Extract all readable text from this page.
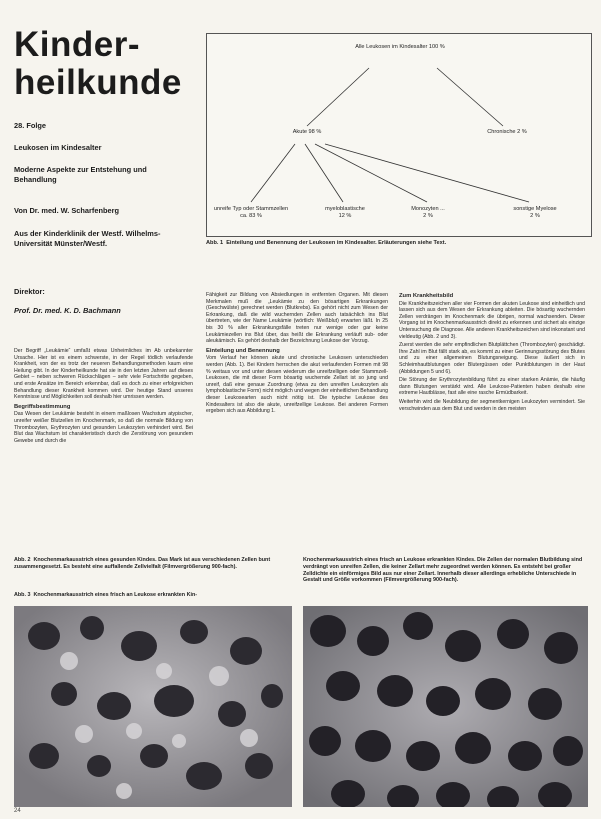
Kinder-
heilkunde
28. Folge
Leukosen im Kindesalter
Moderne Aspekte zur Entstehung und Behandlung
Von Dr. med. W. Scharfenberg
Aus der Kinderklinik der Westf. Wilhelms-Universität Münster/Westf.
Direktor:
Prof. Dr. med. K. D. Bachmann
Alle Leukosen im Kindesalter 100 %
Akute 98 %	Chronische 2 %
unreife Typ oder Stammzellen
ca. 83 %
myeloblastische
12 %
Monozyten ...
2 %
sonstige Myelose
2 %
Abb. 1 Einteilung und Benennung der Leukosen im Kindesalter. Erläuterungen siehe Text.

Der Begriff „Leukämie“ umfaßt etwas Unheimliches im Ab unbekannter Ursache. Hier ist es einem schwerste, in der Regel tödlich verlaufende Krankheit, von der es trotz der neueren Behandlungsmethoden kaum eine Heilung gibt. In der Kinderheilkunde hat sie in den letzten Jahren auf dieses Gebiet – neben schweren Rückschlägen – sehr viele Fortschritte gegeben, und erste Ansätze im Bereich erkennbar, daß es doch zu einer erfolgreichen Behandlung dieser Krankheit kommen wird. Der heutige Stand unseres Kenntnisse und Möglichkeiten soll deshalb hier umrissen werden.

Begriffsbestimmung

Das Wesen der Leukämie besteht in einem maßlosen Wachstum atypischer, unreifer weißer Blutzellen im Knochenmark, so daß die normale Bildung von Thrombozyten, Erythrozyten und gesunden Leukozyten verhindert wird. Bei Blut das Wachstum ist charakteristisch durch die Zerstörung von gesundem Gewebe und durch die

Fähigkeit zur Bildung von Absiedlungen in entfernten Organen. Mit diesen Merkmalen muß die „Leukämie zu den bösartigen Erkrankungen (Geschwülste) gerechnet werden (Blutkrebs). Es gehört nicht zum Wesen der Erkrankung, daß die wild wuchernden Zellen auch tatsächlich ins Blut übertreten, wie der Name Leukämie (wörtlich: Weißblut) erwarten läßt. In 25 bis 30 % aller Erkrankungsfälle treten nur wenige oder gar keine Leukämiezellen ins Blut über, das heißt die Erkrankung verläuft sub- oder aleukämisch. Es gehört deshalb der Bezeichnung Leukose der Vorzug.

Einteilung und Benennung

Vom Verlauf her können akute und chronische Leukosen unterschieden werden (Abb. 1). Bei Kindern herrschen die akut verlaufenden Formen mit 98 % weitaus vor und unter diesen wiederum die unreifzelligen oder Stammzell-Leukosen, die mit dieser Form bösartig wuchernde Zellart ist so jung und unreif, daß eine genaue Zuordnung (etwa zu den unreifen Leukozyten als lymphoblastische Form) nicht möglich und wegen der einheitlichen Behandlung dieser Leukosearten auch nicht nötig ist. Die typische Leukose des Kindesalters ist also die akute, unreifzellige Leukose. Bei anderen Formen ergeben sich aus Abbildung 1.

Zum Krankheitsbild

Die Krankheitszeichen aller vier Formen der akuten Leukose sind einheitlich und lassen sich aus dem Wesen der Erkrankung ableiten. Die bösartig wuchernden Zellen verdrängen im Knochenmark die übrigen, normal wachsenden. Dieser Vorgang ist im Knochenmarkausstrich direkt zu erkennen und sichert als einzige Untersuchung die Diagnose. Alle anderen Krankheitszeichen sind inkonstant und vieldeutig (Abb. 2 und 3).

Zuerst werden die sehr empfindlichen Blutplättchen (Thrombozyten) geschädigt. Ihre Zahl im Blut fällt stark ab, es kommt zu einer Gerinnungsstörung des Blutes und zu einer allgemeinen Blutungsneigung. Diese äußert sich in Schleimhautblutungen oder Blutergüssen oder Punktblutungen in der Haut (Abbildungen 5 und 6).

Die Störung der Erythrozytenbildung führt zu einer starken Anämie, die häufig dann Blutungen verstärkt wird. Alle Leukose-Patienten haben deshalb eine extreme Hautblässe, fast alle eine rasche Ermüdbarkeit.

Weiterhin wird die Neubildung der segmentkernigen Leukozyten vermindert. Sie verschwinden aus dem Blut und werden in den meisten

Abb. 2 Knochenmarkausstrich eines gesunden Kindes. Das Mark ist aus verschiedenen Zellen bunt zusammengesetzt. Es besteht eine auffallende Zellvielfalt (Filmvergrößerung 900-fach).
Abb. 3 Knochenmarkausstrich eines frisch an Leukose erkrankten Kin-
Knochenmarkausstrich eines frisch an Leukose erkrankten Kindes. Die Zellen der normalen Blutbildung sind verdrängt von unreifen Zellen, die keiner Zellart mehr zugeordnet werden können. Es entsteht bei großer Zelldichte ein einförmiges Bild aus nur einer Zellart. Innerhalb dieser allerdings erhebliche Unterschiede in Gestalt und Größe vorkommen (Filmvergrößerung 900-fach).
24
